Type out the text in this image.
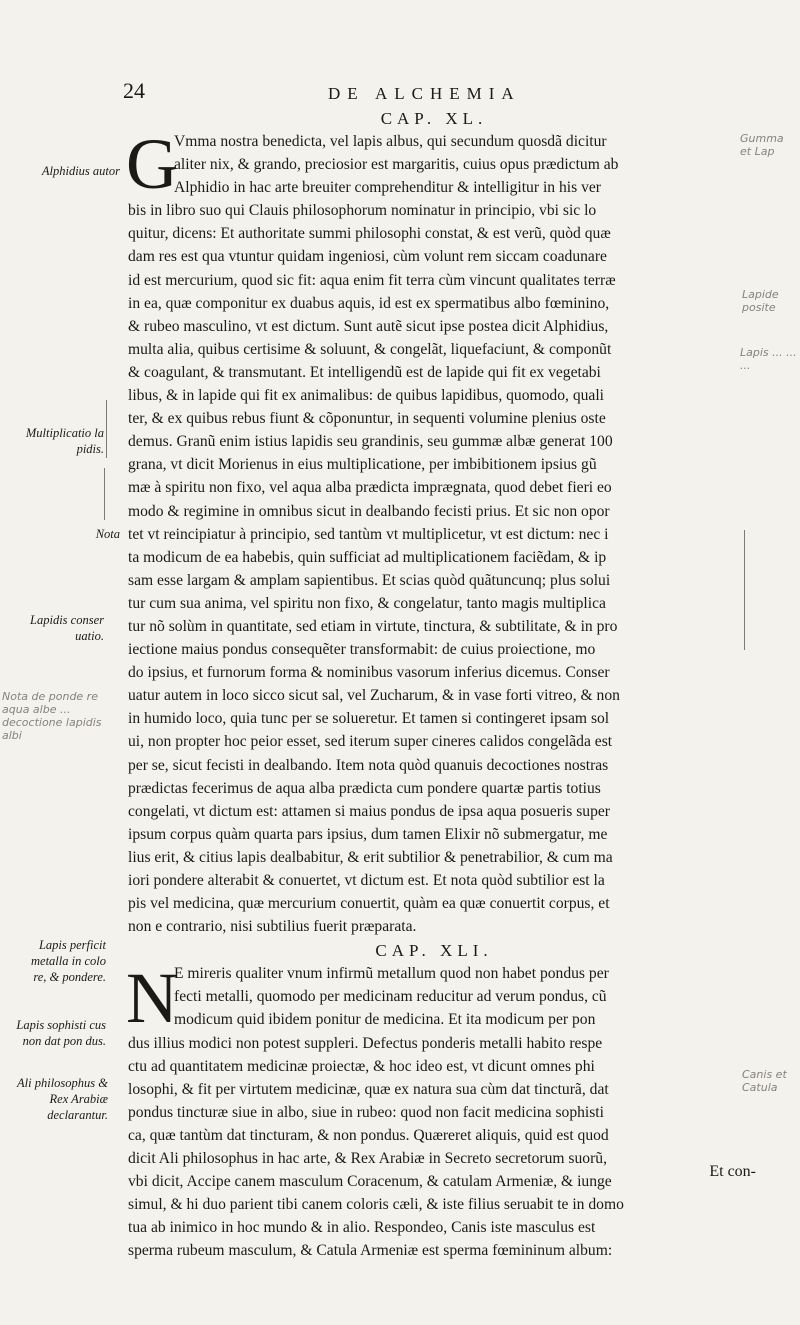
24	DE ALCHEMIA
Alphidius autor
Multiplicatio la pidis.
Nota
Lapidis conser uatio.
Lapis perficit metalla in colo re, & pondere.
Lapis sophisti cus non dat pon dus.
Ali philosophus & Rex Arabiæ declarantur.
Gumma et Lap
Lapide posite
Lapis ... ... ...
Nota de ponde re aqua albe ... decoctione lapidis albi
Canis et Catula
CAP. XL.
G
Vmma nostra benedicta, vel lapis albus, qui secundum quosdã dicitur
aliter nix, & grando, preciosior est margaritis, cuius opus prædictum ab
Alphidio in hac arte breuiter comprehenditur & intelligitur in his ver
bis in libro suo qui Clauis philosophorum nominatur in principio, vbi sic lo
quitur, dicens: Et authoritate summi philosophi constat, & est verũ, quòd quæ
dam res est qua vtuntur quidam ingeniosi, cùm volunt rem siccam coadunare
id est mercurium, quod sic fit: aqua enim fit terra cùm vincunt qualitates terræ
in ea, quæ componitur ex duabus aquis, id est ex spermatibus albo fœminino,
& rubeo masculino, vt est dictum. Sunt autẽ sicut ipse postea dicit Alphidius,
multa alia, quibus certisime & soluunt, & congelãt, liquefaciunt, & componũt
& coagulant, & transmutant. Et intelligendũ est de lapide qui fit ex vegetabi
libus, & in lapide qui fit ex animalibus: de quibus lapidibus, quomodo, quali
ter, & ex quibus rebus fiunt & cõponuntur, in sequenti volumine plenius oste
demus. Granũ enim istius lapidis seu grandinis, seu gummæ albæ generat 100
grana, vt dicit Morienus in eius multiplicatione, per imbibitionem ipsius gũ
mæ à spiritu non fixo, vel aqua alba prædicta imprægnata, quod debet fieri eo
modo & regimine in omnibus sicut in dealbando fecisti prius. Et sic non opor
tet vt reincipiatur à principio, sed tantùm vt multiplicetur, vt est dictum: nec i
ta modicum de ea habebis, quin sufficiat ad multiplicationem faciẽdam, & ip
sam esse largam & amplam sapientibus. Et scias quòd quãtuncunq; plus solui
tur cum sua anima, vel spiritu non fixo, & congelatur, tanto magis multiplica
tur nõ solùm in quantitate, sed etiam in virtute, tinctura, & subtilitate, & in pro
iectione maius pondus consequẽter transformabit: de cuius proiectione, mo
do ipsius, et furnorum forma & nominibus vasorum inferius dicemus. Conser
uatur autem in loco sicco sicut sal, vel Zucharum, & in vase forti vitreo, & non
in humido loco, quia tunc per se solueretur. Et tamen si contingeret ipsam sol
ui, non propter hoc peior esset, sed iterum super cineres calidos congelãda est
per se, sicut fecisti in dealbando. Item nota quòd quanuis decoctiones nostras
prædictas fecerimus de aqua alba prædicta cum pondere quartæ partis totius
congelati, vt dictum est: attamen si maius pondus de ipsa aqua posueris super
ipsum corpus quàm quarta pars ipsius, dum tamen Elixir nõ submergatur, me
lius erit, & citius lapis dealbabitur, & erit subtilior & penetrabilior, & cum ma
iori pondere alterabit & conuertet, vt dictum est. Et nota quòd subtilior est la
pis vel medicina, quæ mercurium conuertit, quàm ea quæ conuertit corpus, et
non e contrario, nisi subtilius fuerit præparata.
CAP. XLI.
N
E mireris qualiter vnum infirmũ metallum quod non habet pondus per
fecti metalli, quomodo per medicinam reducitur ad verum pondus, cũ
modicum quid ibidem ponitur de medicina. Et ita modicum per pon
dus illius modici non potest suppleri. Defectus ponderis metalli habito respe
ctu ad quantitatem medicinæ proiectæ, & hoc ideo est, vt dicunt omnes phi
losophi, & fit per virtutem medicinæ, quæ ex natura sua cùm dat tincturã, dat
pondus tincturæ siue in albo, siue in rubeo: quod non facit medicina sophisti
ca, quæ tantùm dat tincturam, & non pondus. Quæreret aliquis, quid est quod
dicit Ali philosophus in hac arte, & Rex Arabiæ in Secreto secretorum suorũ,
vbi dicit, Accipe canem masculum Coracenum, & catulam Armeniæ, & iunge
simul, & hi duo parient tibi canem coloris cæli, & iste filius seruabit te in domo
tua ab inimico in hoc mundo & in alio. Respondeo, Canis iste masculus est
sperma rubeum masculum, & Catula Armeniæ est sperma fœmininum album:
Et con-
